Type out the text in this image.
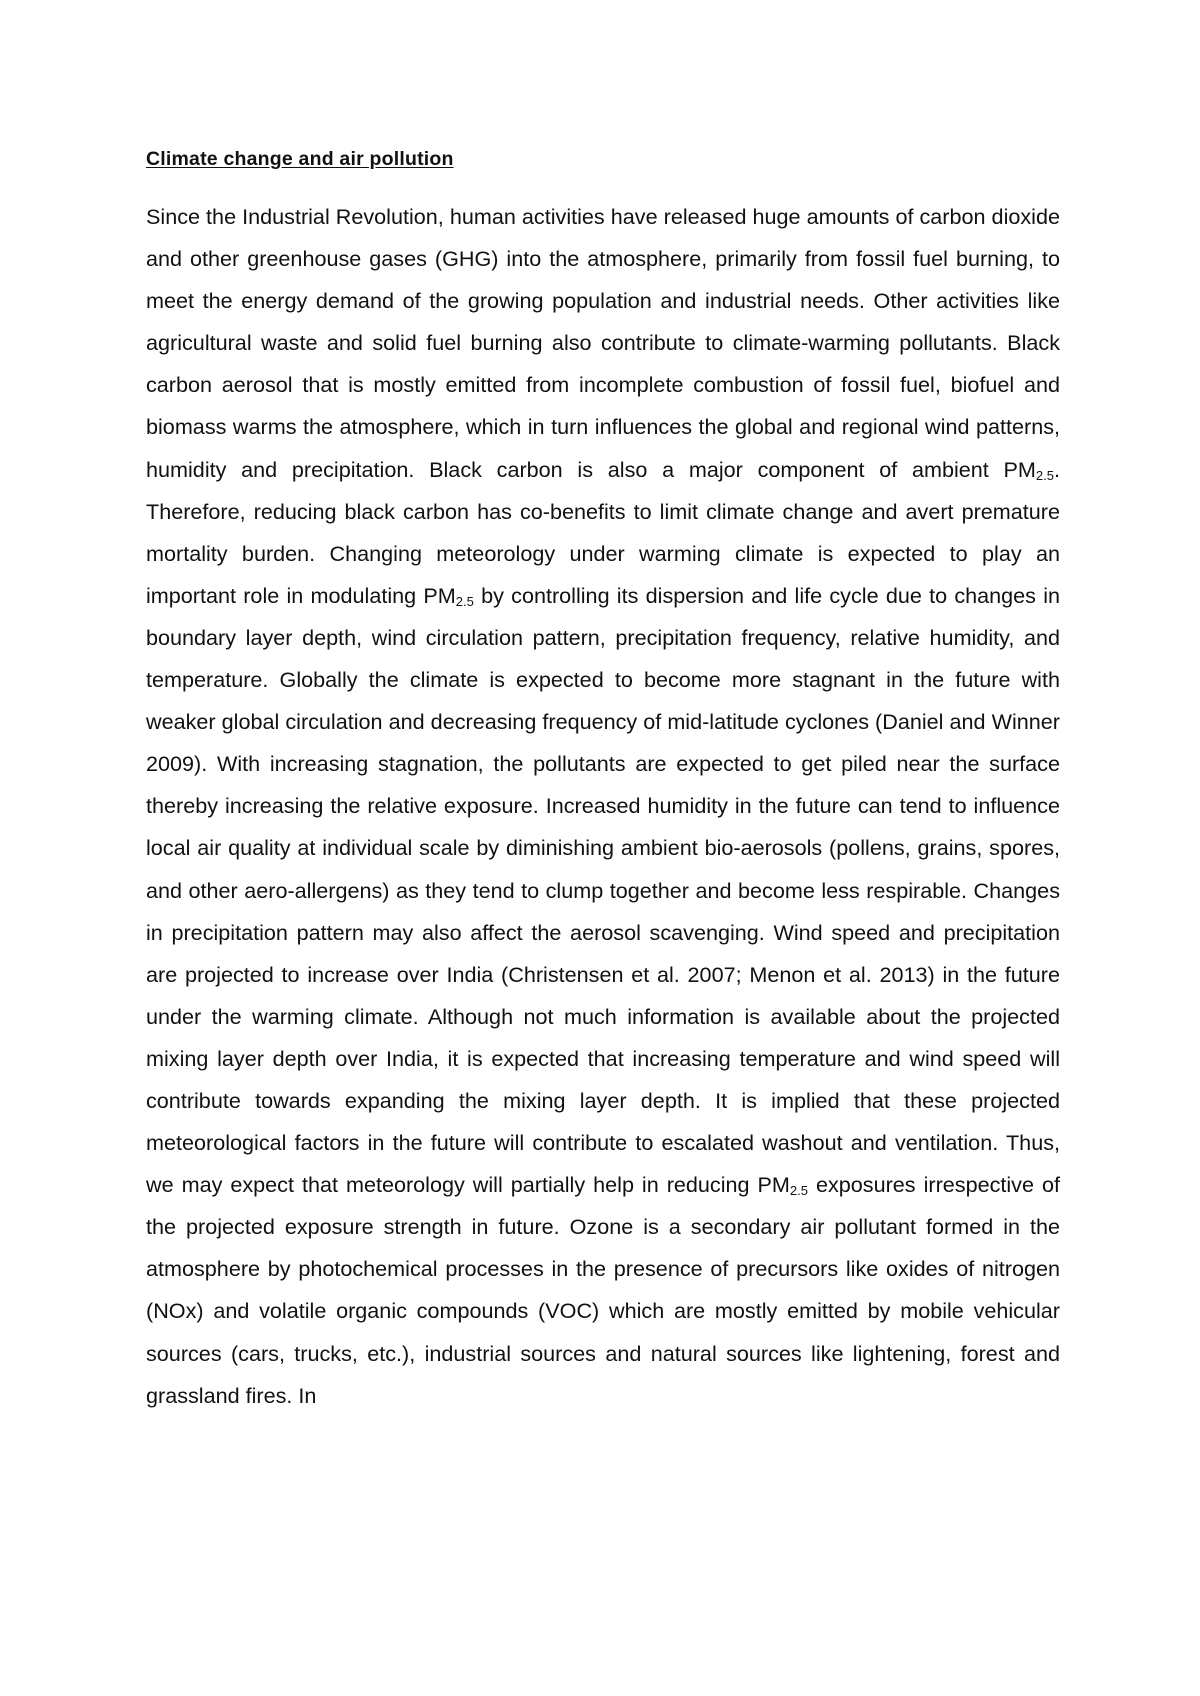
Climate change and air pollution

Since the Industrial Revolution, human activities have released huge amounts of carbon dioxide and other greenhouse gases (GHG) into the atmosphere, primarily from fossil fuel burning, to meet the energy demand of the growing population and industrial needs. Other activities like agricultural waste and solid fuel burning also contribute to climate-warming pollutants. Black carbon aerosol that is mostly emitted from incomplete combustion of fossil fuel, biofuel and biomass warms the atmosphere, which in turn influences the global and regional wind patterns, humidity and precipitation. Black carbon is also a major component of ambient $PM_{2.5}$. Therefore, reducing black carbon has co-benefits to limit climate change and avert premature mortality burden. Changing meteorology under warming climate is expected to play an important role in modulating $PM_{2.5}$ by controlling its dispersion and life cycle due to changes in boundary layer depth, wind circulation pattern, precipitation frequency, relative humidity, and temperature. Globally the climate is expected to become more stagnant in the future with weaker global circulation and decreasing frequency of mid-latitude cyclones (Daniel and Winner 2009). With increasing stagnation, the pollutants are expected to get piled near the surface thereby increasing the relative exposure. Increased humidity in the future can tend to influence local air quality at individual scale by diminishing ambient bio-aerosols (pollens, grains, spores, and other aero-allergens) as they tend to clump together and become less respirable. Changes in precipitation pattern may also affect the aerosol scavenging. Wind speed and precipitation are projected to increase over India (Christensen et al. 2007; Menon et al. 2013) in the future under the warming climate. Although not much information is available about the projected mixing layer depth over India, it is expected that increasing temperature and wind speed will contribute towards expanding the mixing layer depth. It is implied that these projected meteorological factors in the future will contribute to escalated washout and ventilation. Thus, we may expect that meteorology will partially help in reducing $PM_{2.5}$ exposures irrespective of the projected exposure strength in future. Ozone is a secondary air pollutant formed in the atmosphere by photochemical processes in the presence of precursors like oxides of nitrogen (NOx) and volatile organic compounds (VOC) which are mostly emitted by mobile vehicular sources (cars, trucks, etc.), industrial sources and natural sources like lightening, forest and grassland fires. In
